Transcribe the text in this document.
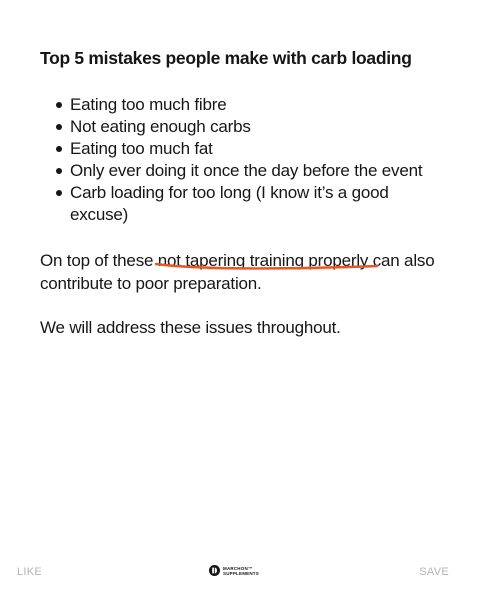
Top 5 mistakes people make with carb loading
Eating too much fibre
Not eating enough carbs
Eating too much fat
Only ever doing it once the day before the event
Carb loading for too long (I know it’s a good excuse)

On top of these not tapering training properly
can also contribute to poor preparation.

We will address these issues throughout.

LIKE	MARCHON™
SUPPLEMENTS	SAVE
